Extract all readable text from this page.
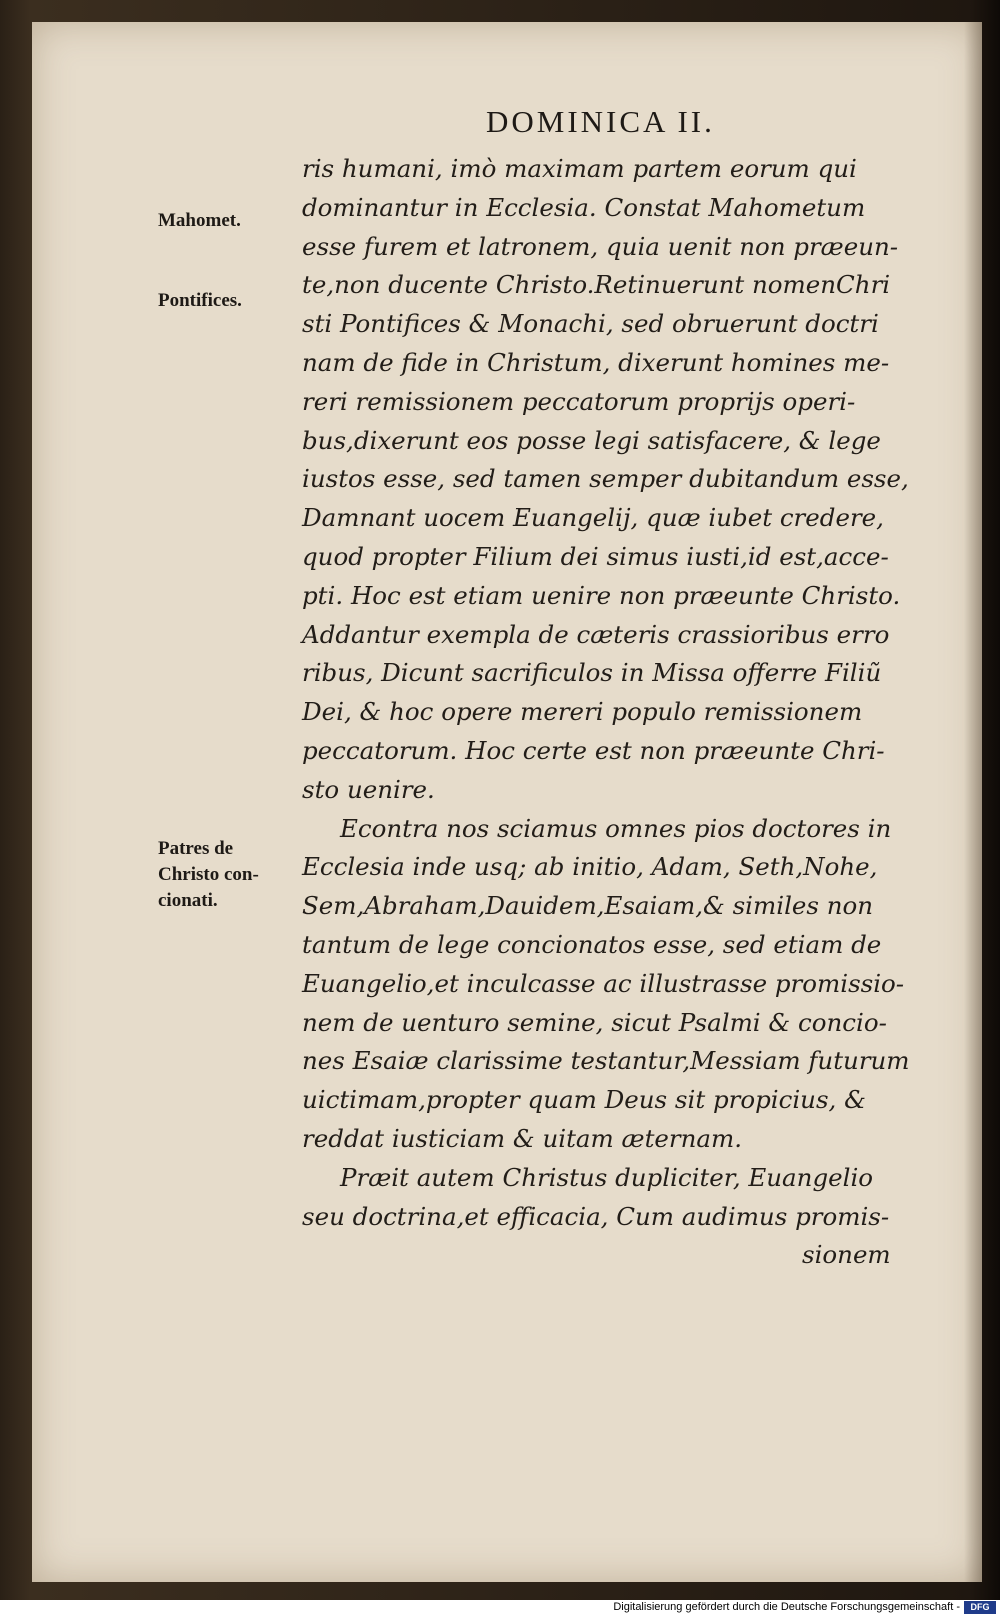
DOMINICA II.
Mahomet.
Pontifices.
Patres de
Christo con-
cionati.
ris humani, imò maximam partem eorum qui
dominantur in Ecclesia. Constat Mahometum
esse furem et latronem, quia uenit non præeun-
te,non ducente Christo.Retinuerunt nomenChri
sti Pontifices & Monachi, sed obruerunt doctri
nam de fide in Christum, dixerunt homines me-
reri remissionem peccatorum proprijs operi-
bus,dixerunt eos posse legi satisfacere, & lege
iustos esse, sed tamen semper dubitandum esse,
Damnant uocem Euangelij, quæ iubet credere,
quod propter Filium dei simus iusti,id est,acce-
pti. Hoc est etiam uenire non præeunte Christo.
Addantur exempla de cæteris crassioribus erro
ribus, Dicunt sacrificulos in Missa offerre Filiũ
Dei, & hoc opere mereri populo remissionem
peccatorum. Hoc certe est non præeunte Chri-
sto uenire.
Econtra nos sciamus omnes pios doctores in
Ecclesia inde usq; ab initio, Adam, Seth,Nohe,
Sem,Abraham,Dauidem,Esaiam,& similes non
tantum de lege concionatos esse, sed etiam de
Euangelio,et inculcasse ac illustrasse promissio-
nem de uenturo semine, sicut Psalmi & concio-
nes Esaiæ clarissime testantur,Messiam futurum
uictimam,propter quam Deus sit propicius, &
reddat iusticiam & uitam æternam.
Præit autem Christus dupliciter, Euangelio
seu doctrina,et efficacia, Cum audimus promis-
sionem
Digitalisierung gefördert durch die Deutsche Forschungsgemeinschaft -	DFG
